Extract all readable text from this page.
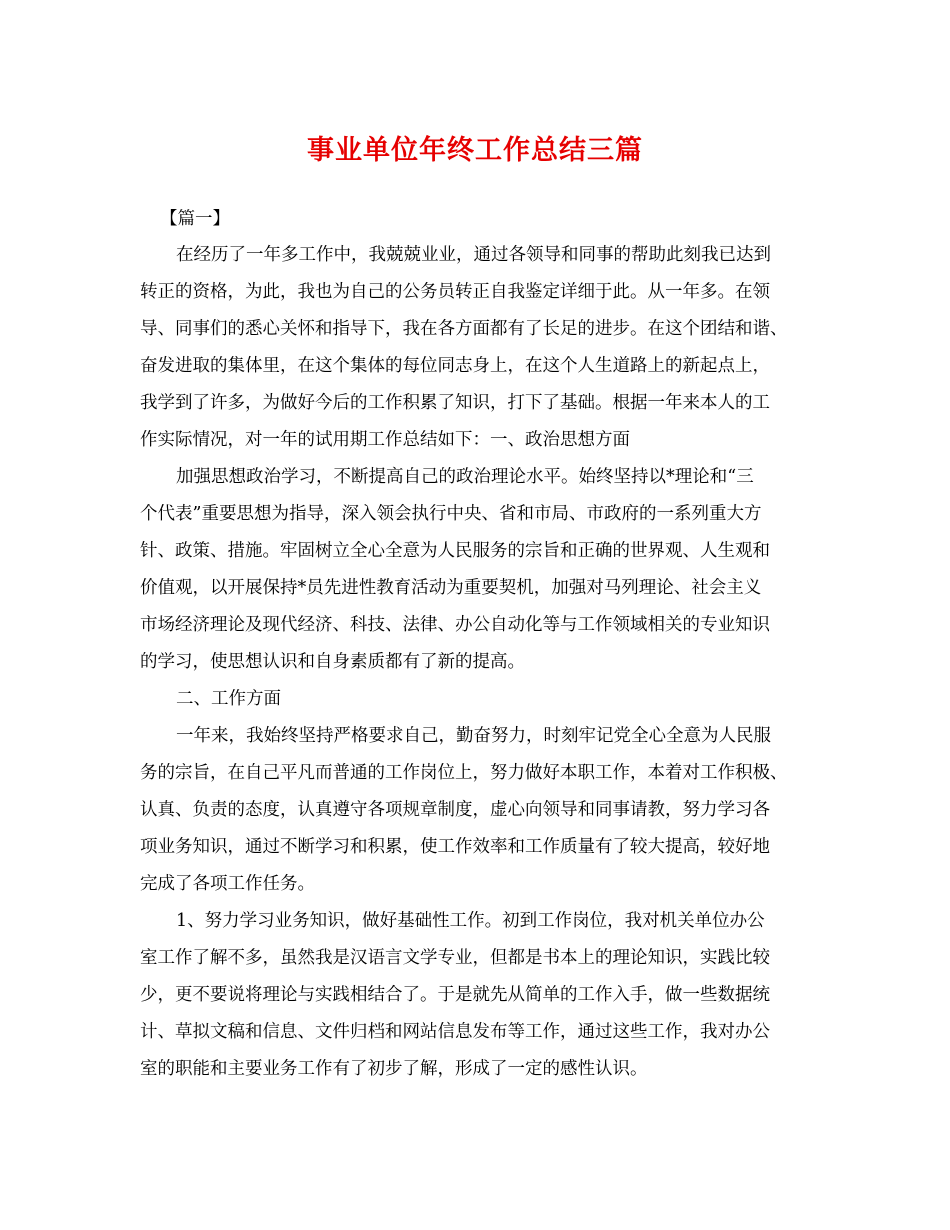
事业单位年终工作总结三篇
【篇一】
在经历了一年多工作中，我兢兢业业，通过各领导和同事的帮助此刻我已达到
转正的资格，为此，我也为自己的公务员转正自我鉴定详细于此。从一年多。在领
导、同事们的悉心关怀和指导下，我在各方面都有了长足的进步。在这个团结和谐、
奋发进取的集体里，在这个集体的每位同志身上，在这个人生道路上的新起点上，
我学到了许多，为做好今后的工作积累了知识，打下了基础。根据一年来本人的工
作实际情况，对一年的试用期工作总结如下：一、政治思想方面
加强思想政治学习，不断提高自己的政治理论水平。始终坚持以*理论和“三
个代表”重要思想为指导，深入领会执行中央、省和市局、市政府的一系列重大方
针、政策、措施。牢固树立全心全意为人民服务的宗旨和正确的世界观、人生观和
价值观，以开展保持*员先进性教育活动为重要契机，加强对马列理论、社会主义
市场经济理论及现代经济、科技、法律、办公自动化等与工作领域相关的专业知识
的学习，使思想认识和自身素质都有了新的提高。
二、工作方面
一年来，我始终坚持严格要求自己，勤奋努力，时刻牢记党全心全意为人民服
务的宗旨，在自己平凡而普通的工作岗位上，努力做好本职工作，本着对工作积极、
认真、负责的态度，认真遵守各项规章制度，虚心向领导和同事请教，努力学习各
项业务知识，通过不断学习和积累，使工作效率和工作质量有了较大提高，较好地
完成了各项工作任务。
1、努力学习业务知识，做好基础性工作。初到工作岗位，我对机关单位办公
室工作了解不多，虽然我是汉语言文学专业，但都是书本上的理论知识，实践比较
少，更不要说将理论与实践相结合了。于是就先从简单的工作入手，做一些数据统
计、草拟文稿和信息、文件归档和网站信息发布等工作，通过这些工作，我对办公
室的职能和主要业务工作有了初步了解，形成了一定的感性认识。
